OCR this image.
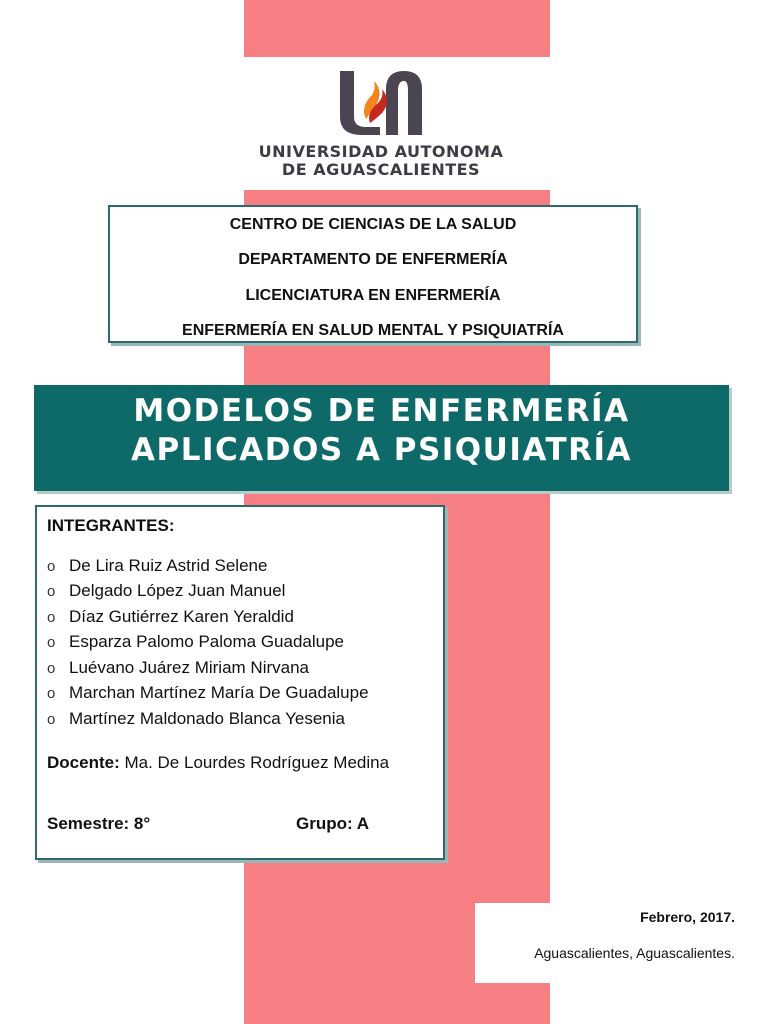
UNIVERSIDAD AUTONOMA
DE AGUASCALIENTES
CENTRO DE CIENCIAS DE LA SALUD
DEPARTAMENTO DE ENFERMERÍA
LICENCIATURA EN ENFERMERÍA
ENFERMERÍA EN SALUD MENTAL Y PSIQUIATRÍA
MODELOS DE ENFERMERÍA
APLICADOS A PSIQUIATRÍA
INTEGRANTES:
o De Lira Ruiz Astrid Selene
o Delgado López Juan Manuel
o Díaz Gutiérrez Karen Yeraldid
o Esparza Palomo Paloma Guadalupe
o Luévano Juárez Miriam Nirvana
o Marchan Martínez María De Guadalupe
o Martínez Maldonado Blanca Yesenia
Docente: Ma. De Lourdes Rodríguez Medina
Semestre: 8°	Grupo: A
Febrero, 2017.
Aguascalientes, Aguascalientes.
